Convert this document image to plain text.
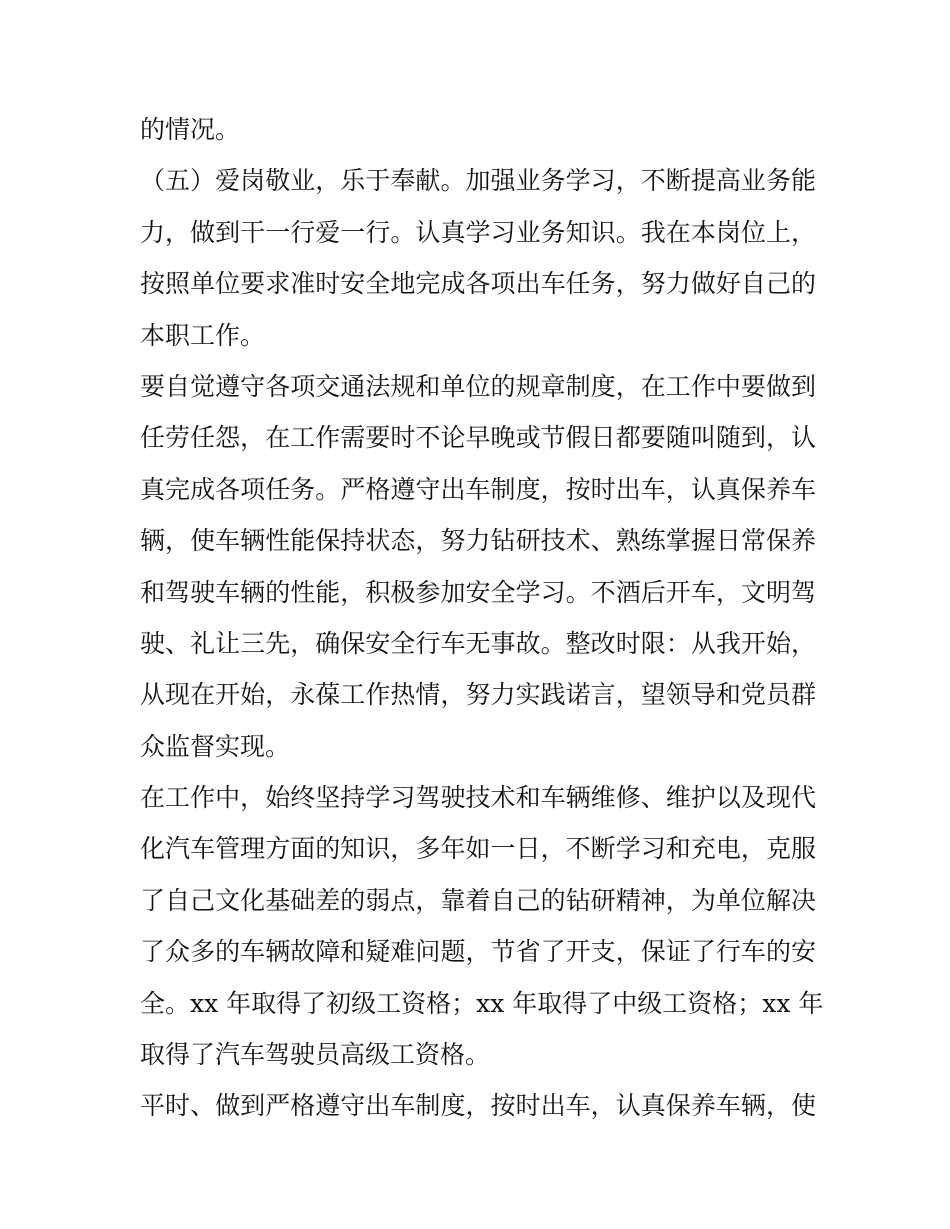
的情况。
（五）爱岗敬业，乐于奉献。加强业务学习，不断提高业务能
力，做到干一行爱一行。认真学习业务知识。我在本岗位上，
按照单位要求准时安全地完成各项出车任务，努力做好自己的
本职工作。
要自觉遵守各项交通法规和单位的规章制度，在工作中要做到
任劳任怨，在工作需要时不论早晚或节假日都要随叫随到，认
真完成各项任务。严格遵守出车制度，按时出车，认真保养车
辆，使车辆性能保持状态，努力钻研技术、熟练掌握日常保养
和驾驶车辆的性能，积极参加安全学习。不酒后开车，文明驾
驶、礼让三先，确保安全行车无事故。整改时限：从我开始，
从现在开始，永葆工作热情，努力实践诺言，望领导和党员群
众监督实现。
在工作中，始终坚持学习驾驶技术和车辆维修、维护以及现代
化汽车管理方面的知识，多年如一日，不断学习和充电，克服
了自己文化基础差的弱点，靠着自己的钻研精神，为单位解决
了众多的车辆故障和疑难问题，节省了开支，保证了行车的安
全。xx 年取得了初级工资格；xx 年取得了中级工资格；xx 年
取得了汽车驾驶员高级工资格。
平时、做到严格遵守出车制度，按时出车，认真保养车辆，使
